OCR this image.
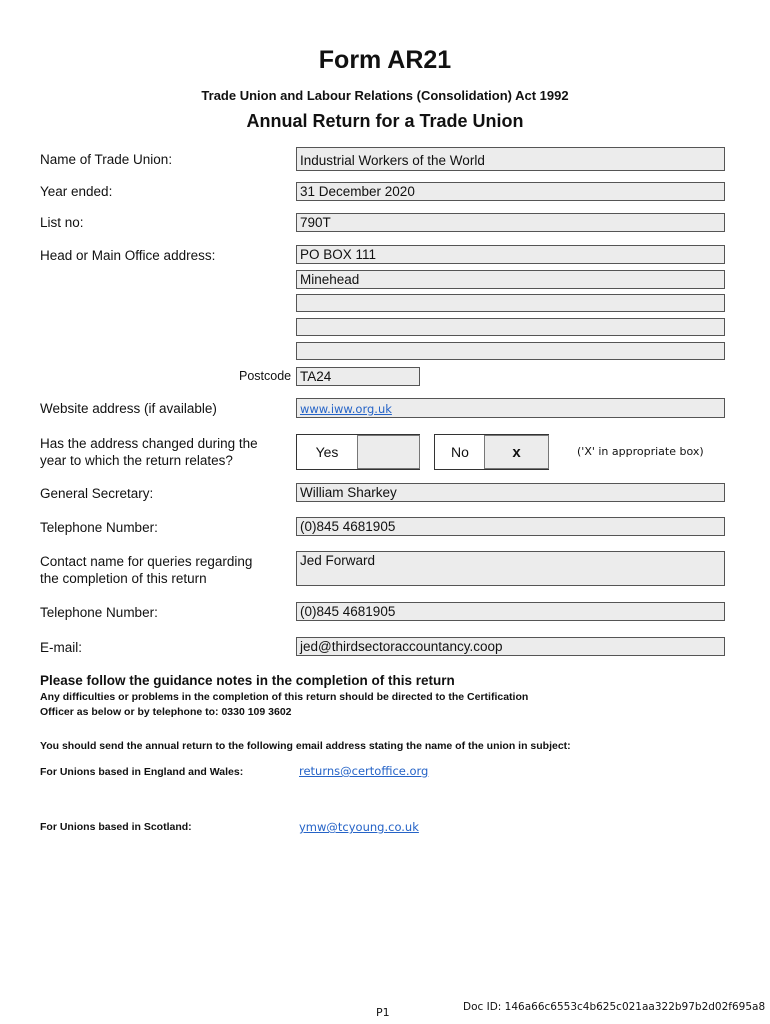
Form AR21
Trade Union and Labour Relations (Consolidation) Act 1992
Annual Return for a Trade Union
Name of Trade Union:	Industrial Workers of the World
Year ended:	31 December 2020
List no:	790T
Head or Main Office address:	PO BOX 111
Minehead
Postcode TA24
Website address (if available)	www.iww.org.uk
Has the address changed during the
year to which the return relates?
Yes	No	x	('X' in appropriate box)
General Secretary:	William Sharkey
Telephone Number:	(0)845 4681905
Contact name for queries regarding
the completion of this return
Jed Forward
Telephone Number:	(0)845 4681905
E-mail:	jed@thirdsectoraccountancy.coop
Please follow the guidance notes in the completion of this return
Any difficulties or problems in the completion of this return should be directed to the Certification
Officer as below or by telephone to: 0330 109 3602
You should send the annual return to the following email address stating the name of the union in subject:
For Unions based in England and Wales:	returns@certoffice.org
For Unions based in Scotland:	ymw@tcyoung.co.uk
P1	Doc ID: 146a66c6553c4b625c021aa322b97b2d02f695a8
